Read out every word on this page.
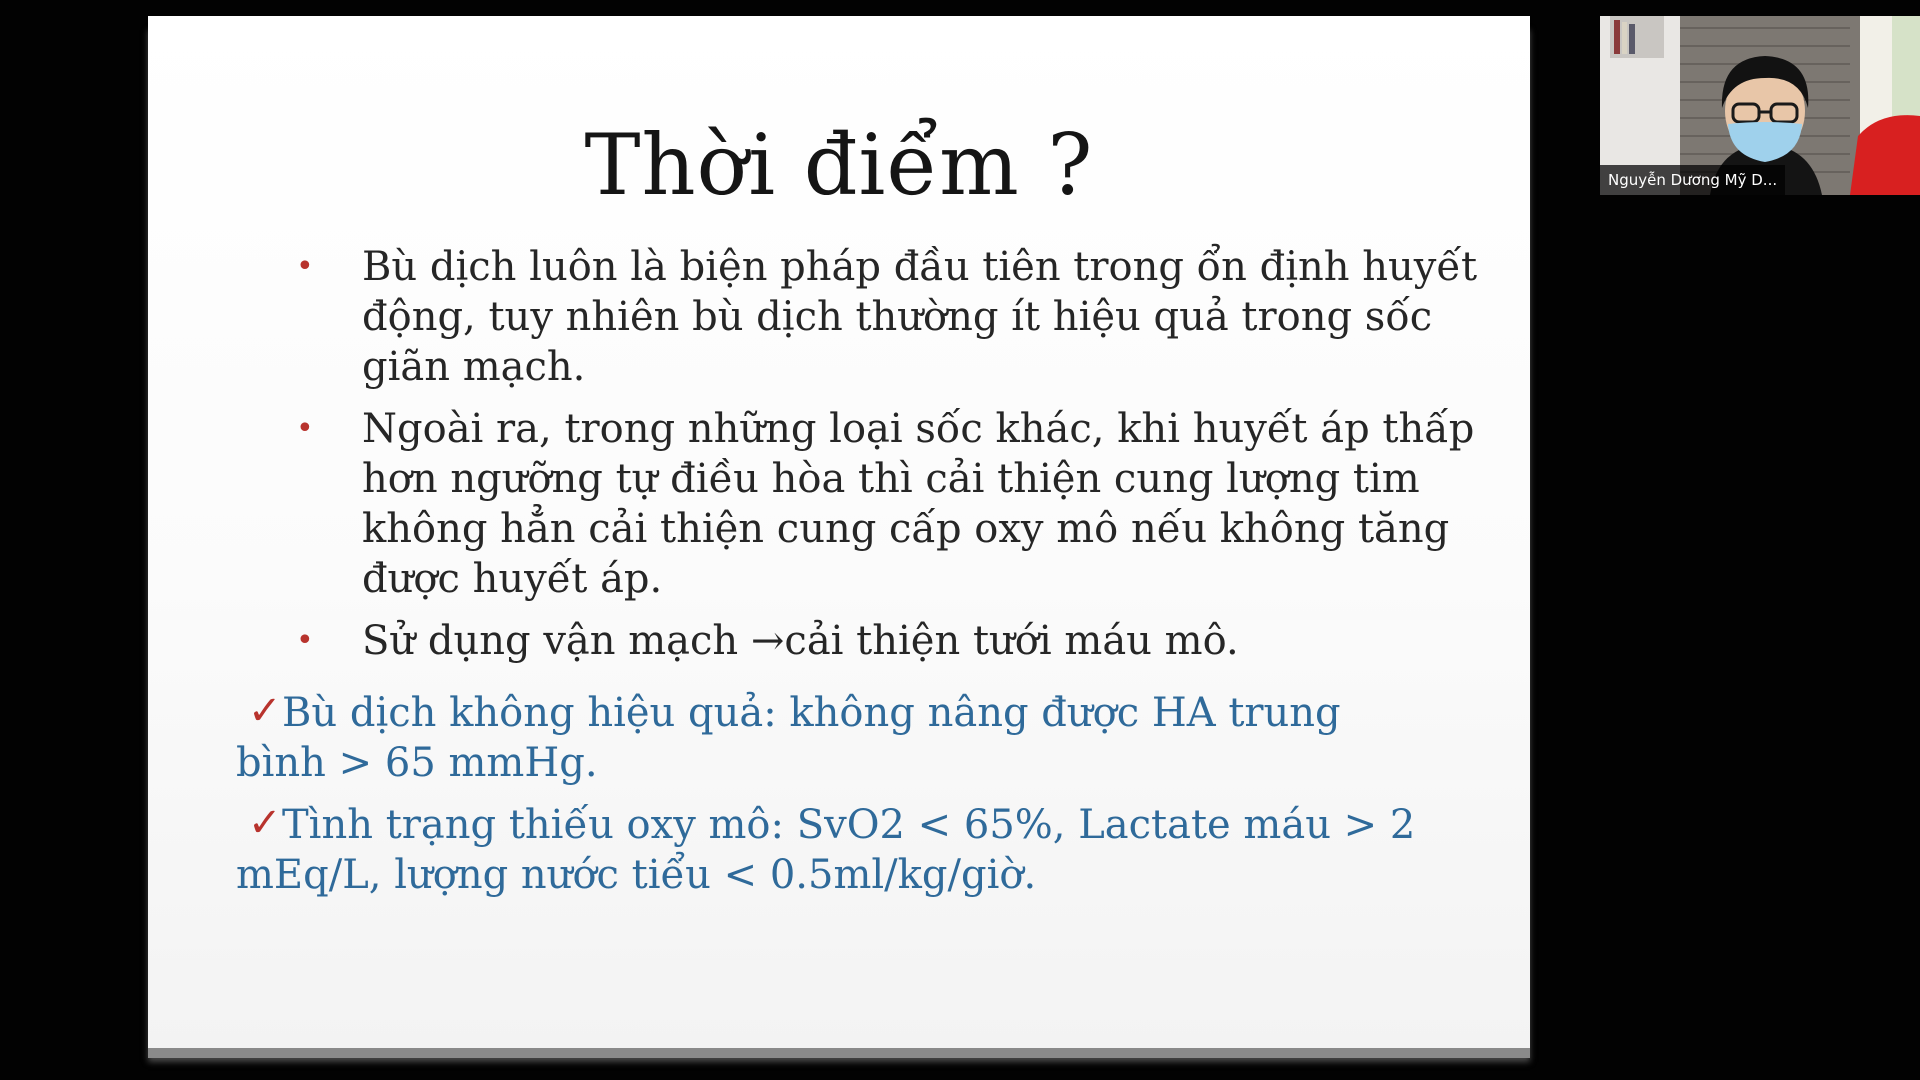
Thời điểm ?
• Bù dịch luôn là biện pháp đầu tiên trong ổn định huyết động, tuy nhiên bù dịch thường ít hiệu quả trong sốc giãn mạch.
• Ngoài ra, trong những loại sốc khác, khi huyết áp thấp hơn ngưỡng tự điều hòa thì cải thiện cung lượng tim không hẳn cải thiện cung cấp oxy mô nếu không tăng được huyết áp.
• Sử dụng vận mạch →cải thiện tưới máu mô.
✓ Bù dịch không hiệu quả: không nâng được HA trung bình > 65 mmHg.
✓ Tình trạng thiếu oxy mô: SvO2 < 65%, Lactate máu > 2 mEq/L, lượng nước tiểu < 0.5ml/kg/giờ.
Nguyễn Dương Mỹ D...
